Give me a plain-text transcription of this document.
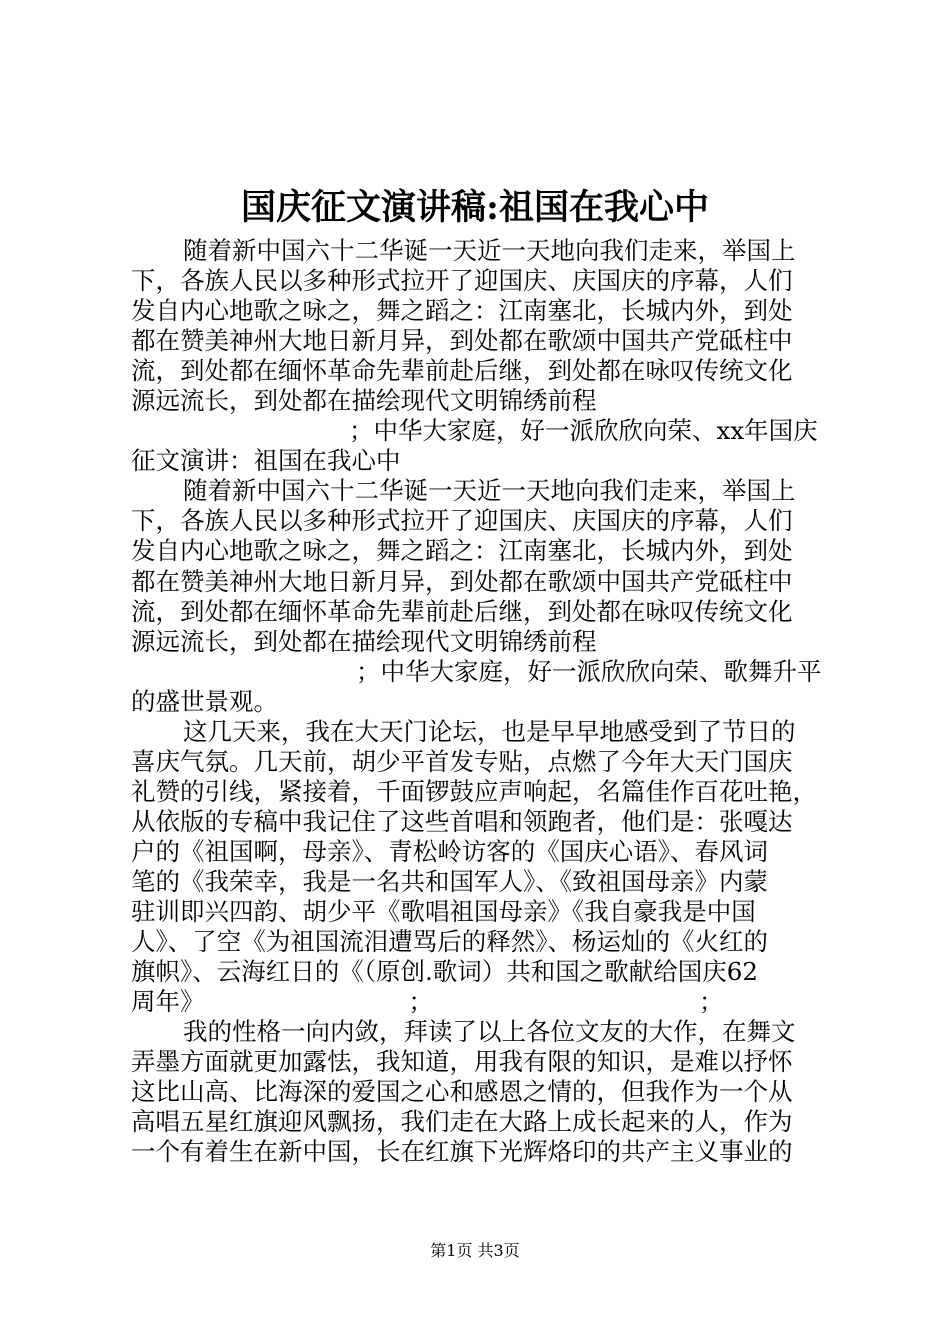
国庆征文演讲稿:祖国在我心中
随着新中国六十二华诞一天近一天地向我们走来，举国上
下，各族人民以多种形式拉开了迎国庆、庆国庆的序幕，人们
发自内心地歌之咏之，舞之蹈之：江南塞北，长城内外，到处
都在赞美神州大地日新月异，到处都在歌颂中国共产党砥柱中
流，到处都在缅怀革命先辈前赴后继，到处都在咏叹传统文化
源远流长，到处都在描绘现代文明锦绣前程
；中华大家庭，好一派欣欣向荣、xx年国庆
征文演讲：祖国在我心中
随着新中国六十二华诞一天近一天地向我们走来，举国上
下，各族人民以多种形式拉开了迎国庆、庆国庆的序幕，人们
发自内心地歌之咏之，舞之蹈之：江南塞北，长城内外，到处
都在赞美神州大地日新月异，到处都在歌颂中国共产党砥柱中
流，到处都在缅怀革命先辈前赴后继，到处都在咏叹传统文化
源远流长，到处都在描绘现代文明锦绣前程
；中华大家庭，好一派欣欣向荣、歌舞升平
的盛世景观。
这几天来，我在大天门论坛，也是早早地感受到了节日的
喜庆气氛。几天前，胡少平首发专贴，点燃了今年大天门国庆
礼赞的引线，紧接着，千面锣鼓应声响起，名篇佳作百花吐艳，
从依版的专稿中我记住了这些首唱和领跑者，他们是：张嘎达
户的《祖国啊，母亲》、青松岭访客的《国庆心语》、春风词
笔的《我荣幸，我是一名共和国军人》、《致祖国母亲》内蒙
驻训即兴四韵、胡少平《歌唱祖国母亲》《我自豪我是中国
人》、了空《为祖国流泪遭骂后的释然》、杨运灿的《火红的
旗帜》、云海红日的《（原创.歌词）共和国之歌献给国庆62
周年》	；	；
我的性格一向内敛，拜读了以上各位文友的大作，在舞文
弄墨方面就更加露怯，我知道，用我有限的知识，是难以抒怀
这比山高、比海深的爱国之心和感恩之情的，但我作为一个从
高唱五星红旗迎风飘扬，我们走在大路上成长起来的人，作为
一个有着生在新中国，长在红旗下光辉烙印的共产主义事业的
第1页 共3页
